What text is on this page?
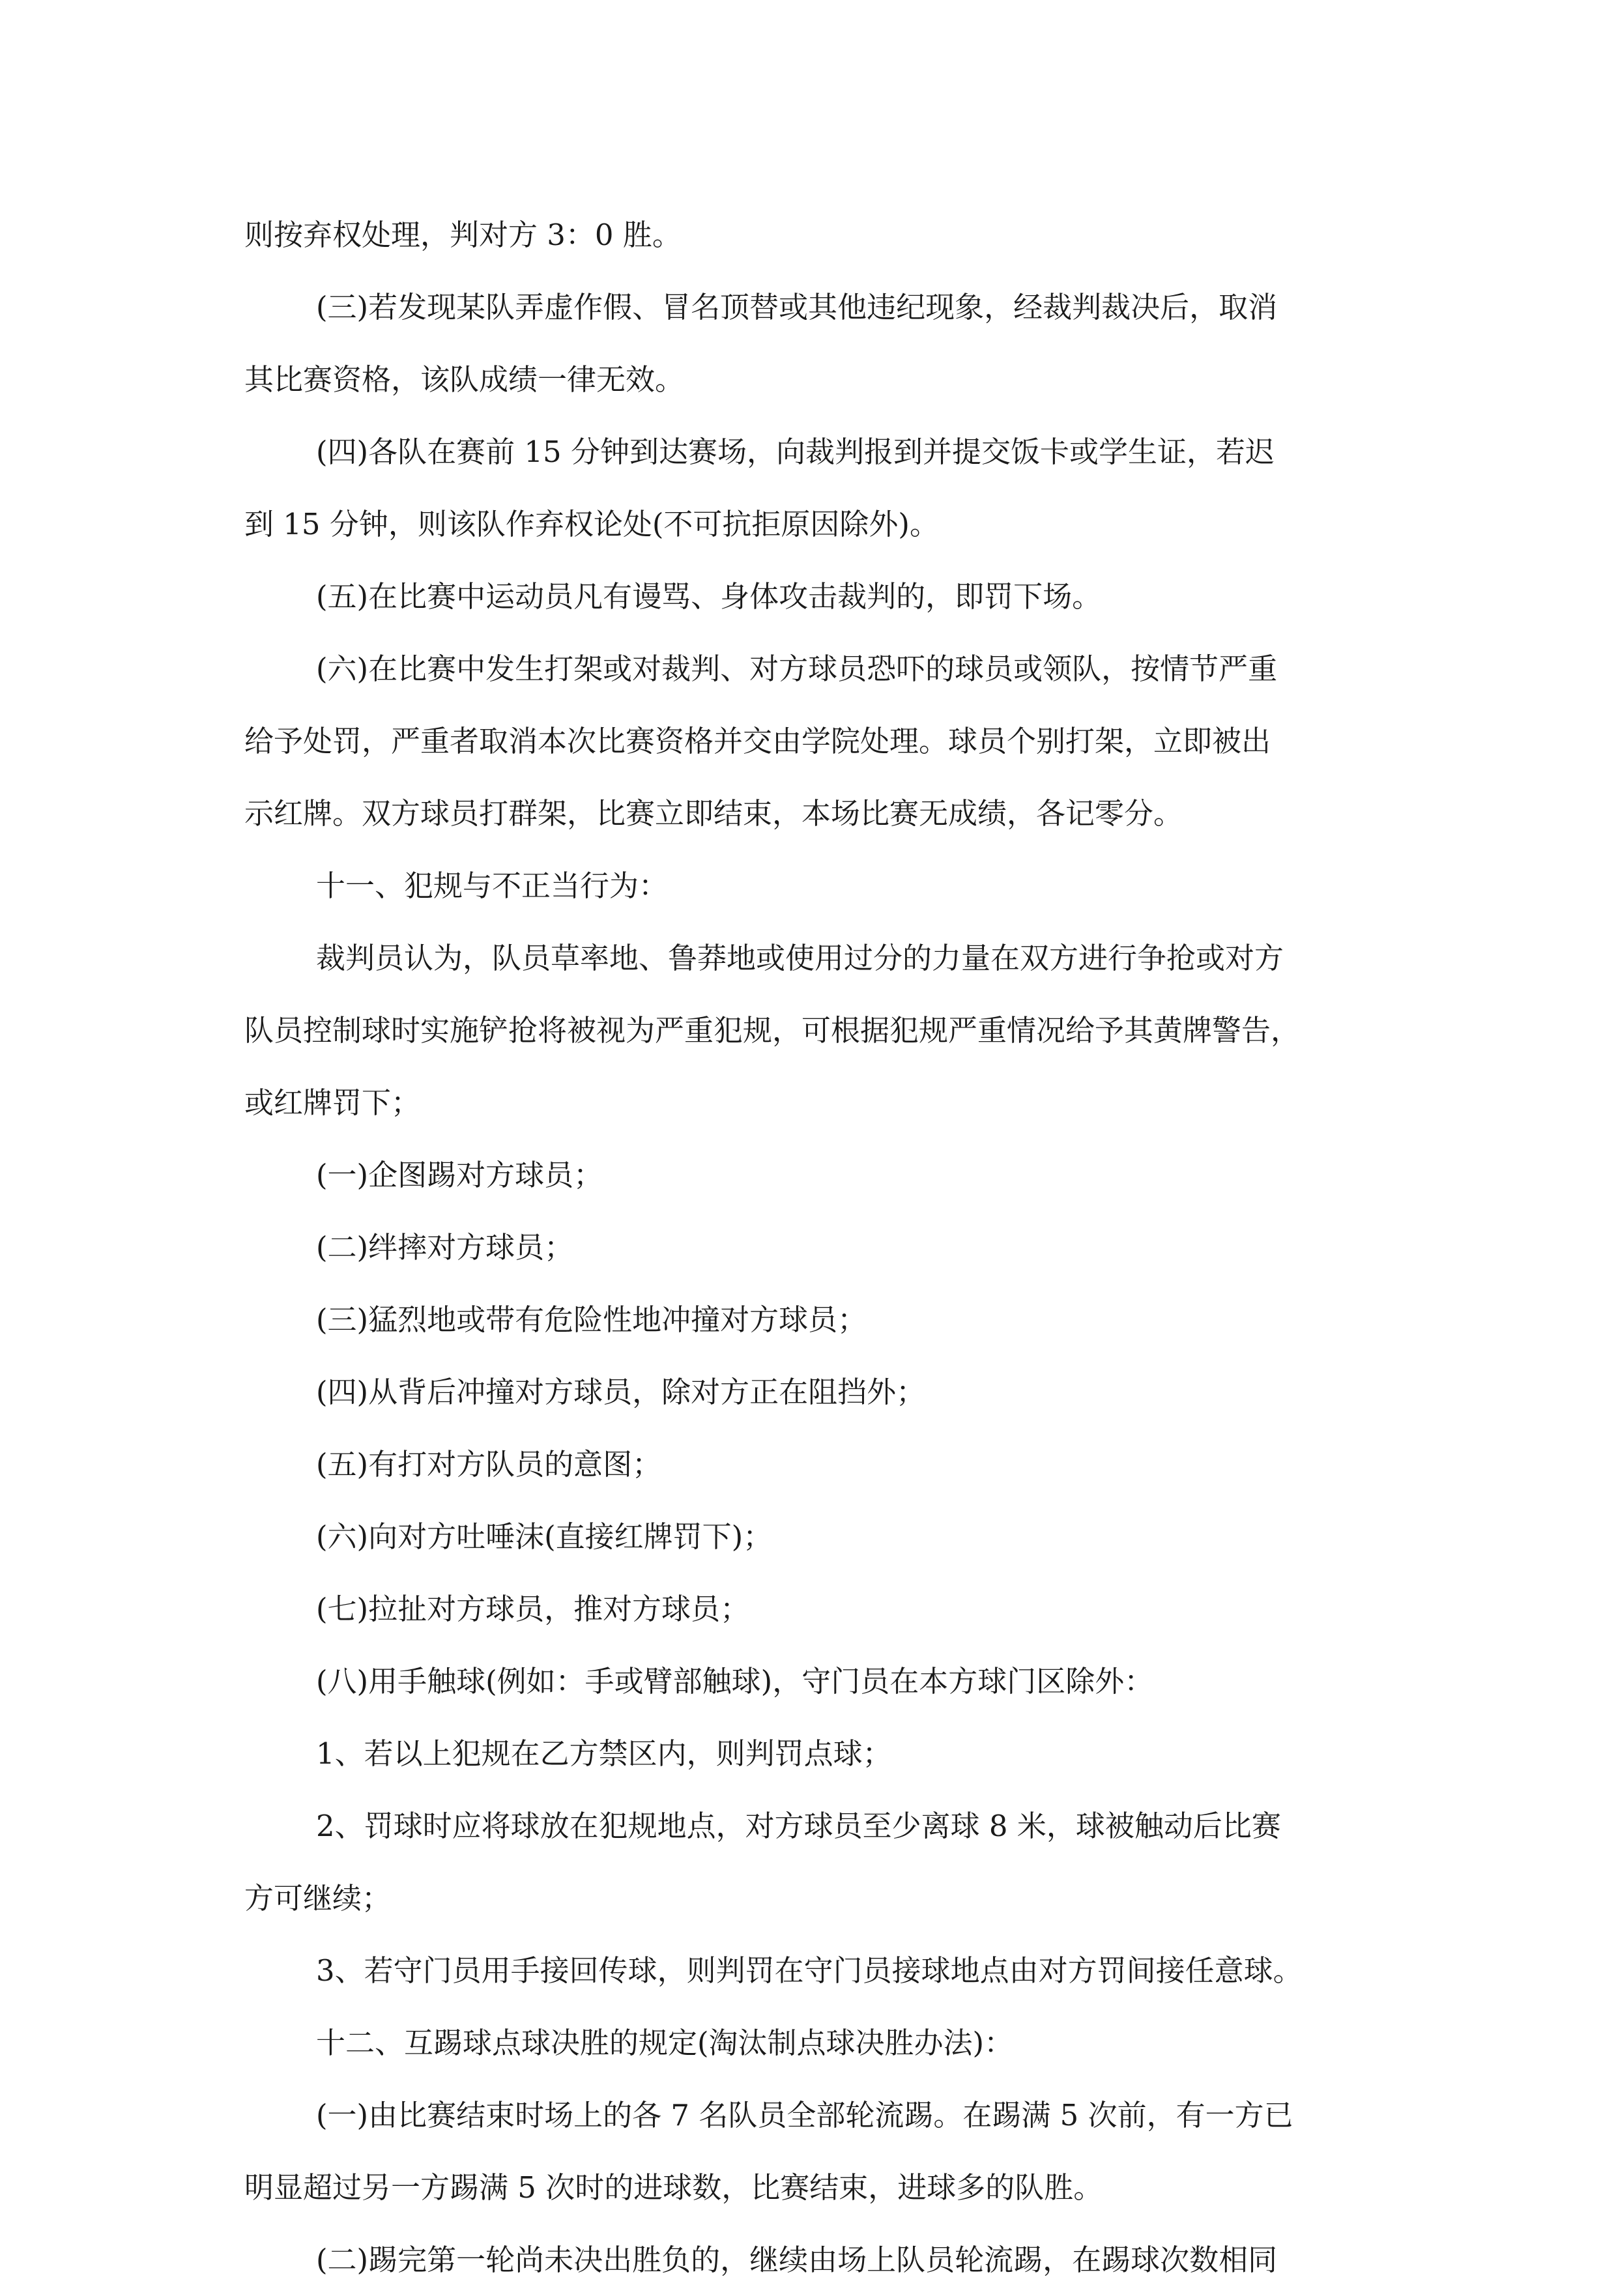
则按弃权处理，判对方 3：0 胜。
(三)若发现某队弄虚作假、冒名顶替或其他违纪现象，经裁判裁决后，取消
其比赛资格，该队成绩一律无效。
(四)各队在赛前 15 分钟到达赛场，向裁判报到并提交饭卡或学生证，若迟
到 15 分钟，则该队作弃权论处(不可抗拒原因除外)。
(五)在比赛中运动员凡有谩骂、身体攻击裁判的，即罚下场。
(六)在比赛中发生打架或对裁判、对方球员恐吓的球员或领队，按情节严重
给予处罚，严重者取消本次比赛资格并交由学院处理。球员个别打架，立即被出
示红牌。双方球员打群架，比赛立即结束，本场比赛无成绩，各记零分。
十一、犯规与不正当行为：
裁判员认为，队员草率地、鲁莽地或使用过分的力量在双方进行争抢或对方
队员控制球时实施铲抢将被视为严重犯规，可根据犯规严重情况给予其黄牌警告，
或红牌罚下；
(一)企图踢对方球员；
(二)绊摔对方球员；
(三)猛烈地或带有危险性地冲撞对方球员；
(四)从背后冲撞对方球员，除对方正在阻挡外；
(五)有打对方队员的意图；
(六)向对方吐唾沫(直接红牌罚下)；
(七)拉扯对方球员，推对方球员；
(八)用手触球(例如：手或臂部触球)，守门员在本方球门区除外：
1、若以上犯规在乙方禁区内，则判罚点球；
2、罚球时应将球放在犯规地点，对方球员至少离球 8 米，球被触动后比赛
方可继续；
3、若守门员用手接回传球，则判罚在守门员接球地点由对方罚间接任意球。
十二、互踢球点球决胜的规定(淘汰制点球决胜办法)：
(一)由比赛结束时场上的各 7 名队员全部轮流踢。在踢满 5 次前，有一方已
明显超过另一方踢满 5 次时的进球数，比赛结束，进球多的队胜。
(二)踢完第一轮尚未决出胜负的，继续由场上队员轮流踢，在踢球次数相同
